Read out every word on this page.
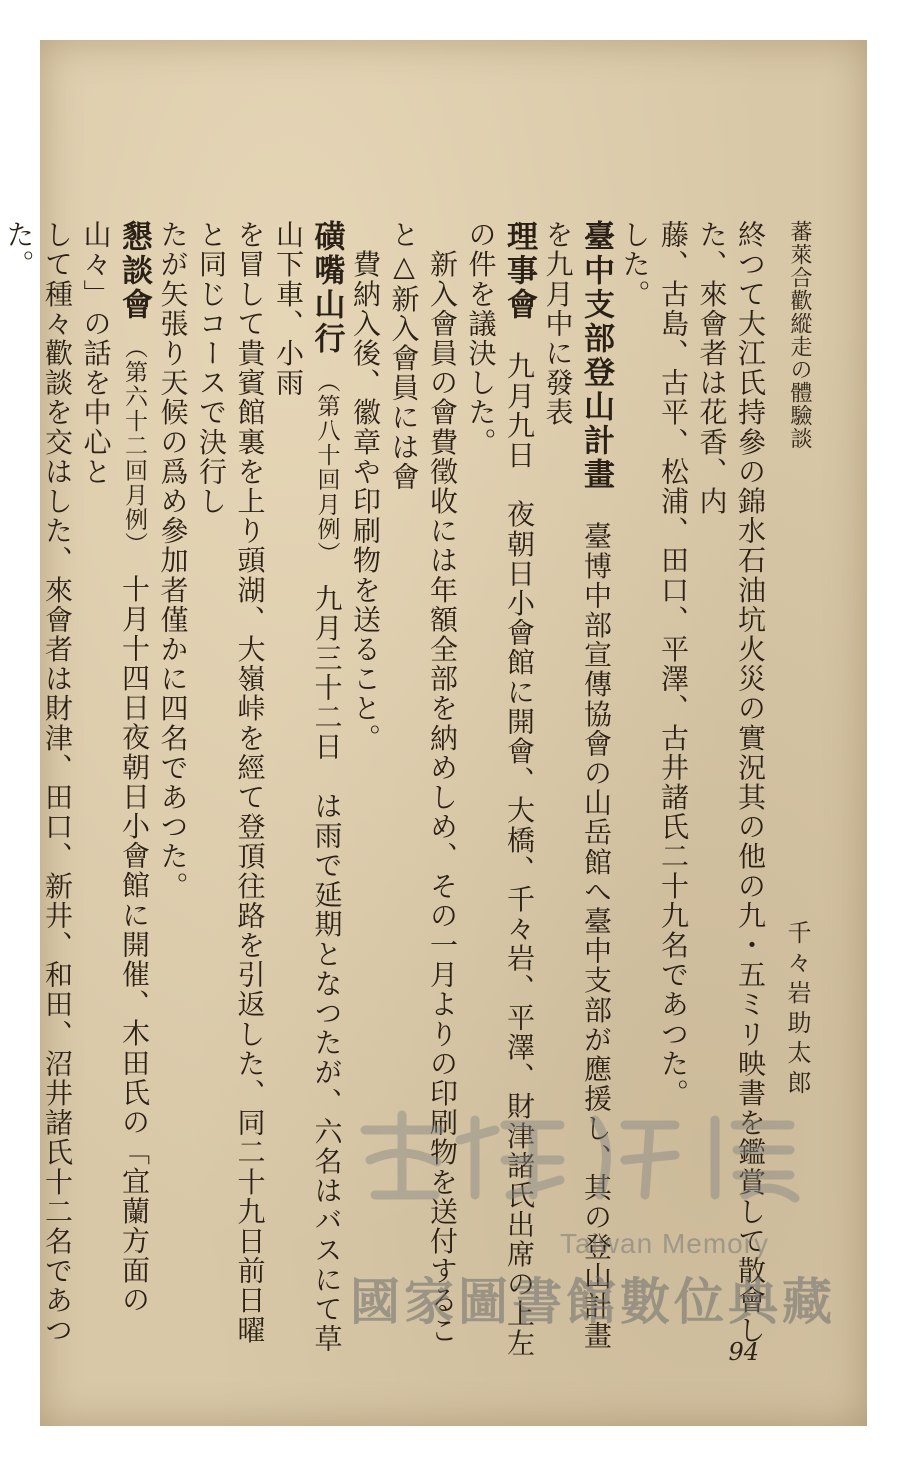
蕃萊合歡縱走の體驗談
千々岩助太郎
終つて大江氏持參の錦水石油坑火災の實況其の他の九・五ミリ映書を鑑賞して散會した、來會者は花香、内
藤、古島、古平、松浦、田口、平澤、古井諸氏二十九名であつた。
した。
臺中支部登山計畫　臺博中部宣傳協會の山岳館へ臺中支部が應援し、其の登山計畫を九月中に發表
理事會　九月九日　夜朝日小會館に開會、大橋、千々岩、平澤、財津諸氏出席の上左の件を議決した。
　新入會員の會費徵收には年額全部を納めしめ、その一月よりの印刷物を送付すること△新入會員には會
　費納入後、徽章や印刷物を送ること。
磺嘴山行　（第八十回月例）　九月三十二日　は雨で延期となつたが、六名はバスにて草山下車、小雨
を冒して貴賓館裏を上り頭湖、大嶺峠を經て登頂往路を引返した、同二十九日前日曜と同じコースで決行し
たが矢張り天候の爲め參加者僅かに四名であつた。
懇談會　（第六十二回月例）　十月十四日夜朝日小會館に開催、木田氏の「宜蘭方面の山々」の話を中心と
して種々歡談を交はした、來會者は財津、田口、新井、和田、沼井諸氏十二名であつた。
94
Taiwan Memory
國家圖書館數位典藏
